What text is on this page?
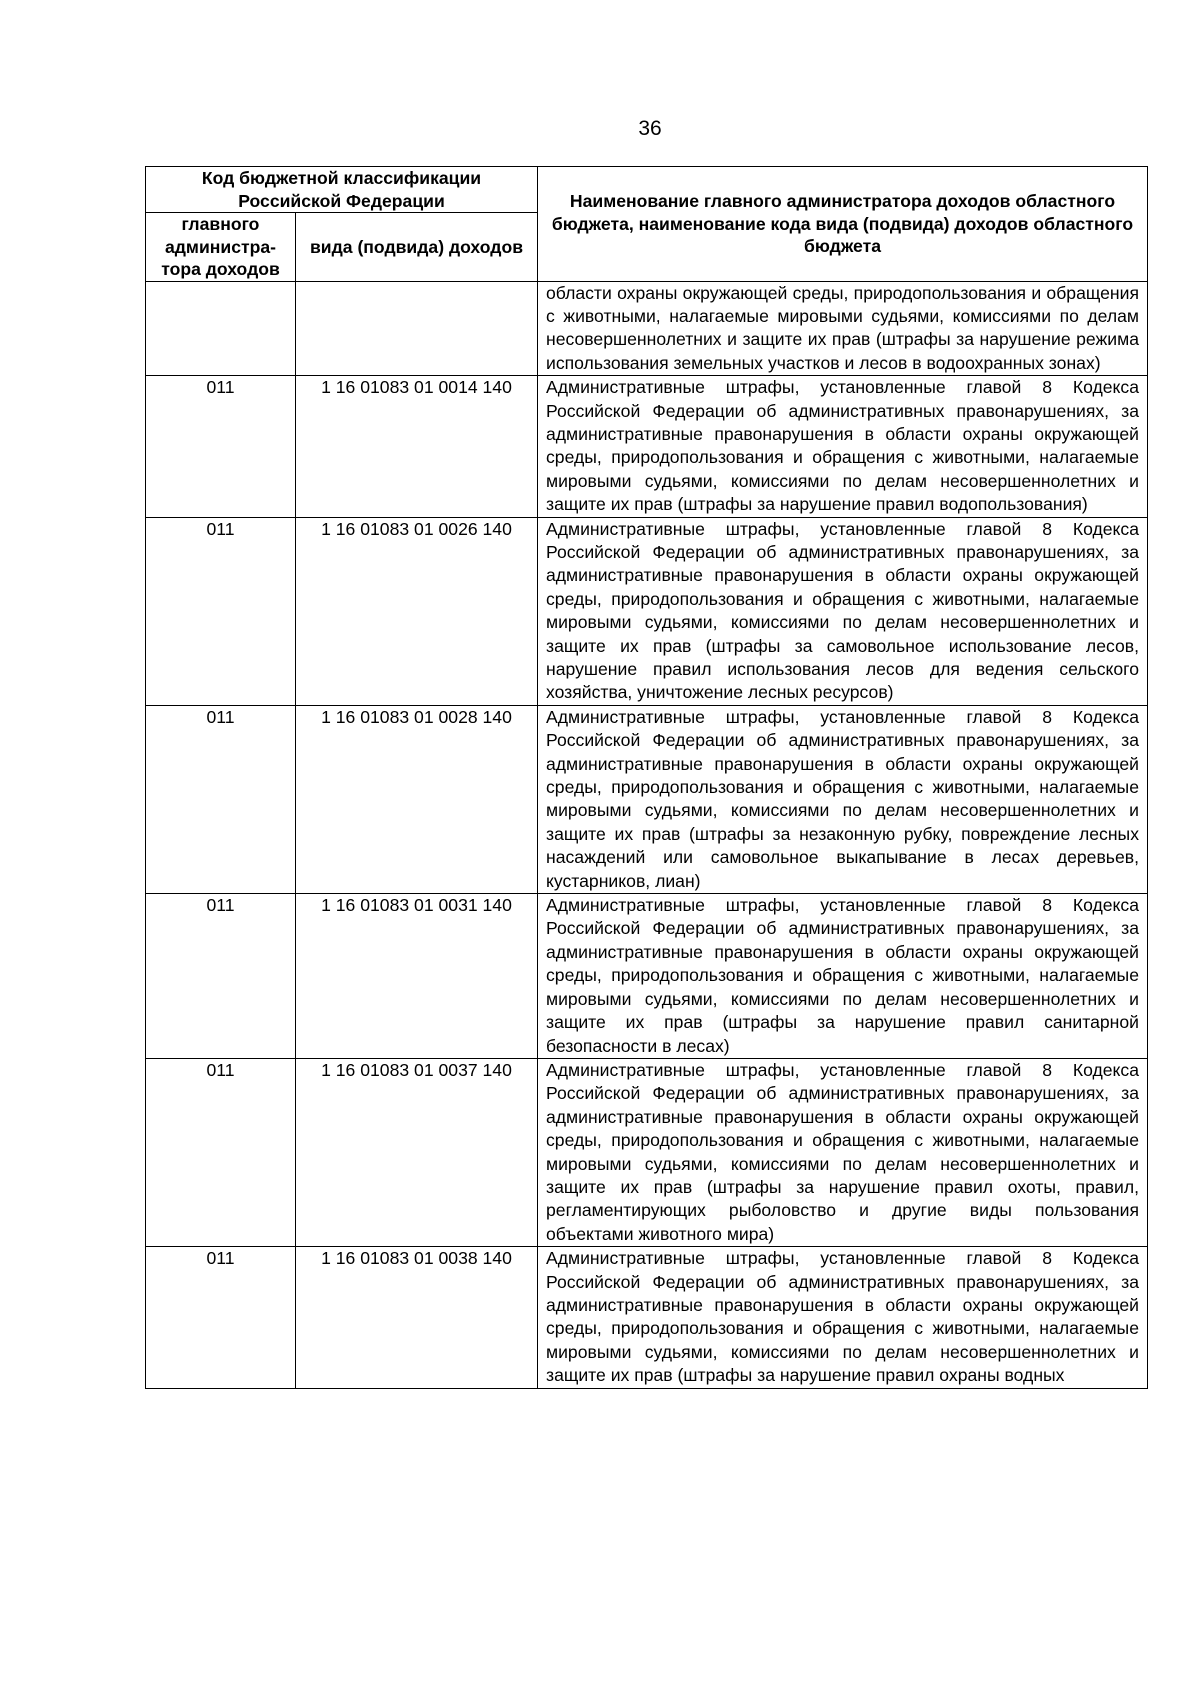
36
Код бюджетной классификации Российской Федерации		Наименование главного администратора доходов областного бюджета, наименование кода вида (подвида) доходов областного бюджета
главного администра-тора доходов	вида (подвида) доходов	
		области охраны окружающей среды, природопользования и обращения с животными, налагаемые мировыми судьями, комиссиями по делам несовершеннолетних и защите их прав (штрафы за нарушение режима использования земельных участков и лесов в водоохранных зонах)
011	1 16 01083 01 0014 140	Административные штрафы, установленные главой 8 Кодекса Российской Федерации об административных правонарушениях, за административные правонарушения в области охраны окружающей среды, природопользования и обращения с животными, налагаемые мировыми судьями, комиссиями по делам несовершеннолетних и защите их прав (штрафы за нарушение правил водопользования)
011	1 16 01083 01 0026 140	Административные штрафы, установленные главой 8 Кодекса Российской Федерации об административных правонарушениях, за административные правонарушения в области охраны окружающей среды, природопользования и обращения с животными, налагаемые мировыми судьями, комиссиями по делам несовершеннолетних и защите их прав (штрафы за самовольное использование лесов, нарушение правил использования лесов для ведения сельского хозяйства, уничтожение лесных ресурсов)
011	1 16 01083 01 0028 140	Административные штрафы, установленные главой 8 Кодекса Российской Федерации об административных правонарушениях, за административные правонарушения в области охраны окружающей среды, природопользования и обращения с животными, налагаемые мировыми судьями, комиссиями по делам несовершеннолетних и защите их прав (штрафы за незаконную рубку, повреждение лесных насаждений или самовольное выкапывание в лесах деревьев, кустарников, лиан)
011	1 16 01083 01 0031 140	Административные штрафы, установленные главой 8 Кодекса Российской Федерации об административных правонарушениях, за административные правонарушения в области охраны окружающей среды, природопользования и обращения с животными, налагаемые мировыми судьями, комиссиями по делам несовершеннолетних и защите их прав (штрафы за нарушение правил санитарной безопасности в лесах)
011	1 16 01083 01 0037 140	Административные штрафы, установленные главой 8 Кодекса Российской Федерации об административных правонарушениях, за административные правонарушения в области охраны окружающей среды, природопользования и обращения с животными, налагаемые мировыми судьями, комиссиями по делам несовершеннолетних и защите их прав (штрафы за нарушение правил охоты, правил, регламентирующих рыболовство и другие виды пользования объектами животного мира)
011	1 16 01083 01 0038 140	Административные штрафы, установленные главой 8 Кодекса Российской Федерации об административных правонарушениях, за административные правонарушения в области охраны окружающей среды, природопользования и обращения с животными, налагаемые мировыми судьями, комиссиями по делам несовершеннолетних и защите их прав (штрафы за нарушение правил охраны водных
